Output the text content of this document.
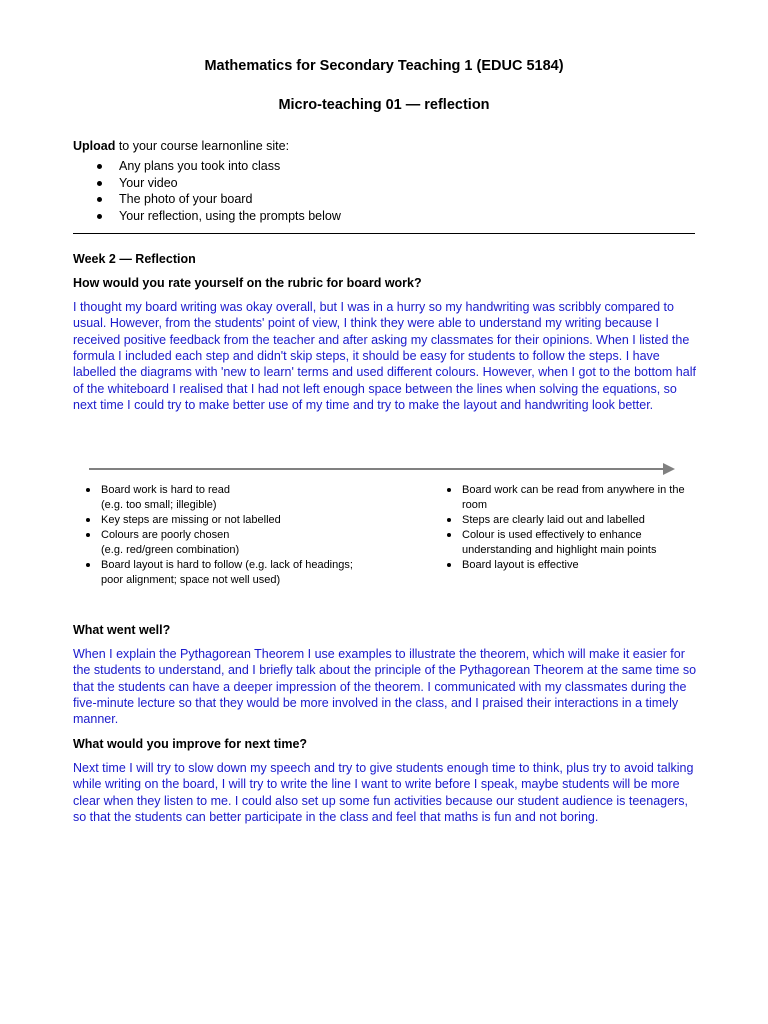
Mathematics for Secondary Teaching 1 (EDUC 5184)
Micro-teaching 01 — reflection
Upload to your course learnonline site:
Any plans you took into class
Your video
The photo of your board
Your reflection, using the prompts below
Week 2 — Reflection
How would you rate yourself on the rubric for board work?
I thought my board writing was okay overall, but I was in a hurry so my handwriting was scribbly compared to usual. However, from the students' point of view, I think they were able to understand my writing because I received positive feedback from the teacher and after asking my classmates for their opinions. When I listed the formula I included each step and didn't skip steps, it should be easy for students to follow the steps. I have labelled the diagrams with 'new to learn' terms and used different colours. However, when I got to the bottom half of the whiteboard I realised that I had not left enough space between the lines when solving the equations, so next time I could try to make better use of my time and try to make the layout and handwriting look better.
Board work is hard to read
(e.g. too small; illegible)
Key steps are missing or not labelled
Colours are poorly chosen
(e.g. red/green combination)
Board layout is hard to follow (e.g. lack of headings; poor alignment; space not well used)
Board work can be read from anywhere in the room
Steps are clearly laid out and labelled
Colour is used effectively to enhance understanding and highlight main points
Board layout is effective
What went well?
When I explain the Pythagorean Theorem I use examples to illustrate the theorem, which will make it easier for the students to understand, and I briefly talk about the principle of the Pythagorean Theorem at the same time so that the students can have a deeper impression of the theorem. I communicated with my classmates during the five-minute lecture so that they would be more involved in the class, and I praised their interactions in a timely manner.
What would you improve for next time?
Next time I will try to slow down my speech and try to give students enough time to think, plus try to avoid talking while writing on the board, I will try to write the line I want to write before I speak, maybe students will be more clear when they listen to me. I could also set up some fun activities because our student audience is teenagers, so that the students can better participate in the class and feel that maths is fun and not boring.
